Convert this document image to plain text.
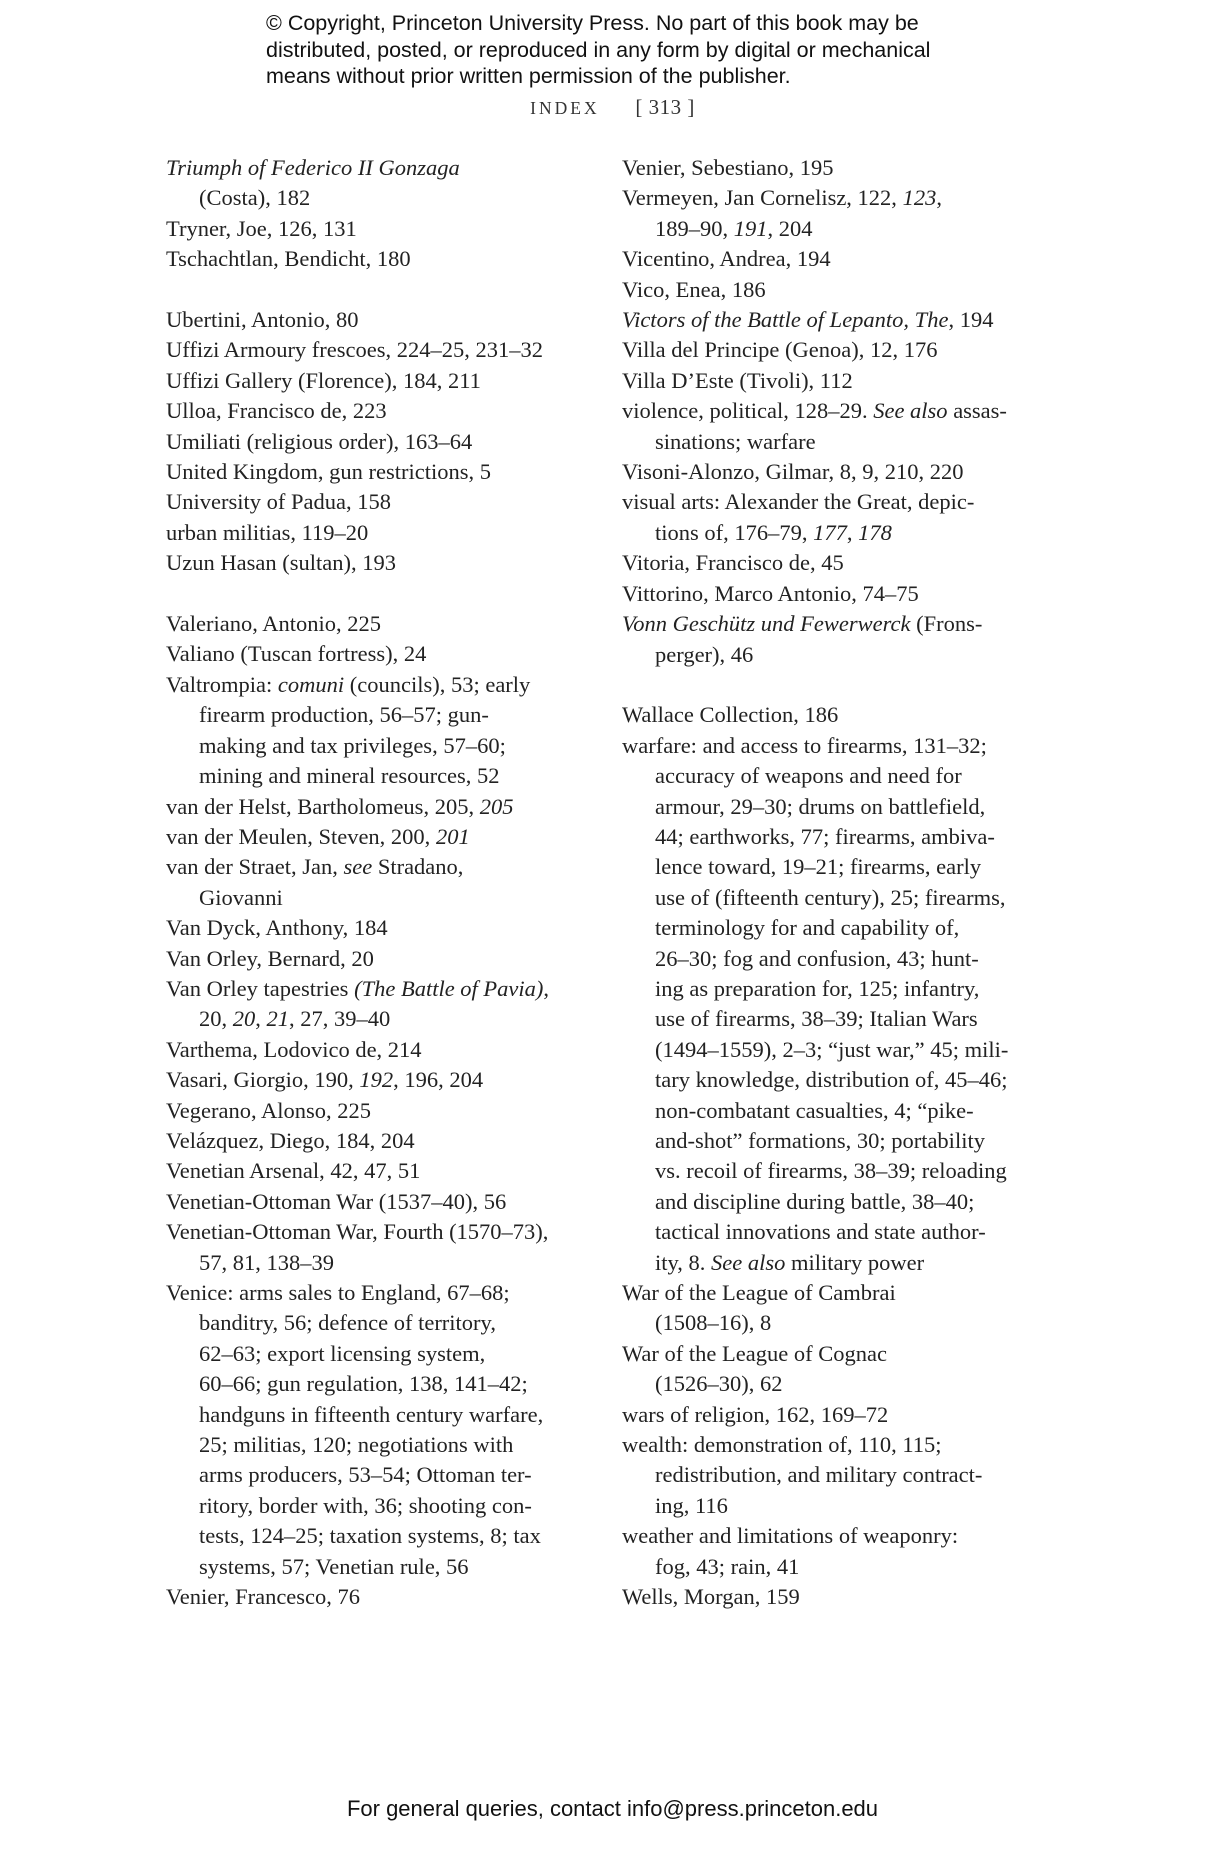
© Copyright, Princeton University Press. No part of this book may be
distributed, posted, or reproduced in any form by digital or mechanical
means without prior written permission of the publisher.
INDEX [ 313 ]
Triumph of Federico II Gonzaga
(Costa), 182
Tryner, Joe, 126, 131
Tschachtlan, Bendicht, 180
Ubertini, Antonio, 80
Uffizi Armoury frescoes, 224–25, 231–32
Uffizi Gallery (Florence), 184, 211
Ulloa, Francisco de, 223
Umiliati (religious order), 163–64
United Kingdom, gun restrictions, 5
University of Padua, 158
urban militias, 119–20
Uzun Hasan (sultan), 193
Valeriano, Antonio, 225
Valiano (Tuscan fortress), 24
Valtrompia: comuni (councils), 53; early
firearm production, 56–57; gun-
making and tax privileges, 57–60;
mining and mineral resources, 52
van der Helst, Bartholomeus, 205, 205
van der Meulen, Steven, 200, 201
van der Straet, Jan, see Stradano,
Giovanni
Van Dyck, Anthony, 184
Van Orley, Bernard, 20
Van Orley tapestries (The Battle of Pavia),
20, 20, 21, 27, 39–40
Varthema, Lodovico de, 214
Vasari, Giorgio, 190, 192, 196, 204
Vegerano, Alonso, 225
Velázquez, Diego, 184, 204
Venetian Arsenal, 42, 47, 51
Venetian-Ottoman War (1537–40), 56
Venetian-Ottoman War, Fourth (1570–73),
57, 81, 138–39
Venice: arms sales to England, 67–68;
banditry, 56; defence of territory,
62–63; export licensing system,
60–66; gun regulation, 138, 141–42;
handguns in fifteenth century warfare,
25; militias, 120; negotiations with
arms producers, 53–54; Ottoman ter-
ritory, border with, 36; shooting con-
tests, 124–25; taxation systems, 8; tax
systems, 57; Venetian rule, 56
Venier, Francesco, 76
Venier, Sebestiano, 195
Vermeyen, Jan Cornelisz, 122, 123,
189–90, 191, 204
Vicentino, Andrea, 194
Vico, Enea, 186
Victors of the Battle of Lepanto, The, 194
Villa del Principe (Genoa), 12, 176
Villa D’Este (Tivoli), 112
violence, political, 128–29. See also assas-
sinations; warfare
Visoni-Alonzo, Gilmar, 8, 9, 210, 220
visual arts: Alexander the Great, depic-
tions of, 176–79, 177, 178
Vitoria, Francisco de, 45
Vittorino, Marco Antonio, 74–75
Vonn Geschütz und Fewerwerck (Frons-
perger), 46
Wallace Collection, 186
warfare: and access to firearms, 131–32;
accuracy of weapons and need for
armour, 29–30; drums on battlefield,
44; earthworks, 77; firearms, ambiva-
lence toward, 19–21; firearms, early
use of (fifteenth century), 25; firearms,
terminology for and capability of,
26–30; fog and confusion, 43; hunt-
ing as preparation for, 125; infantry,
use of firearms, 38–39; Italian Wars
(1494–1559), 2–3; “just war,” 45; mili-
tary knowledge, distribution of, 45–46;
non-combatant casualties, 4; “pike-
and-shot” formations, 30; portability
vs. recoil of firearms, 38–39; reloading
and discipline during battle, 38–40;
tactical innovations and state author-
ity, 8. See also military power
War of the League of Cambrai
(1508–16), 8
War of the League of Cognac
(1526–30), 62
wars of religion, 162, 169–72
wealth: demonstration of, 110, 115;
redistribution, and military contract-
ing, 116
weather and limitations of weaponry:
fog, 43; rain, 41
Wells, Morgan, 159
For general queries, contact info@press.princeton.edu
